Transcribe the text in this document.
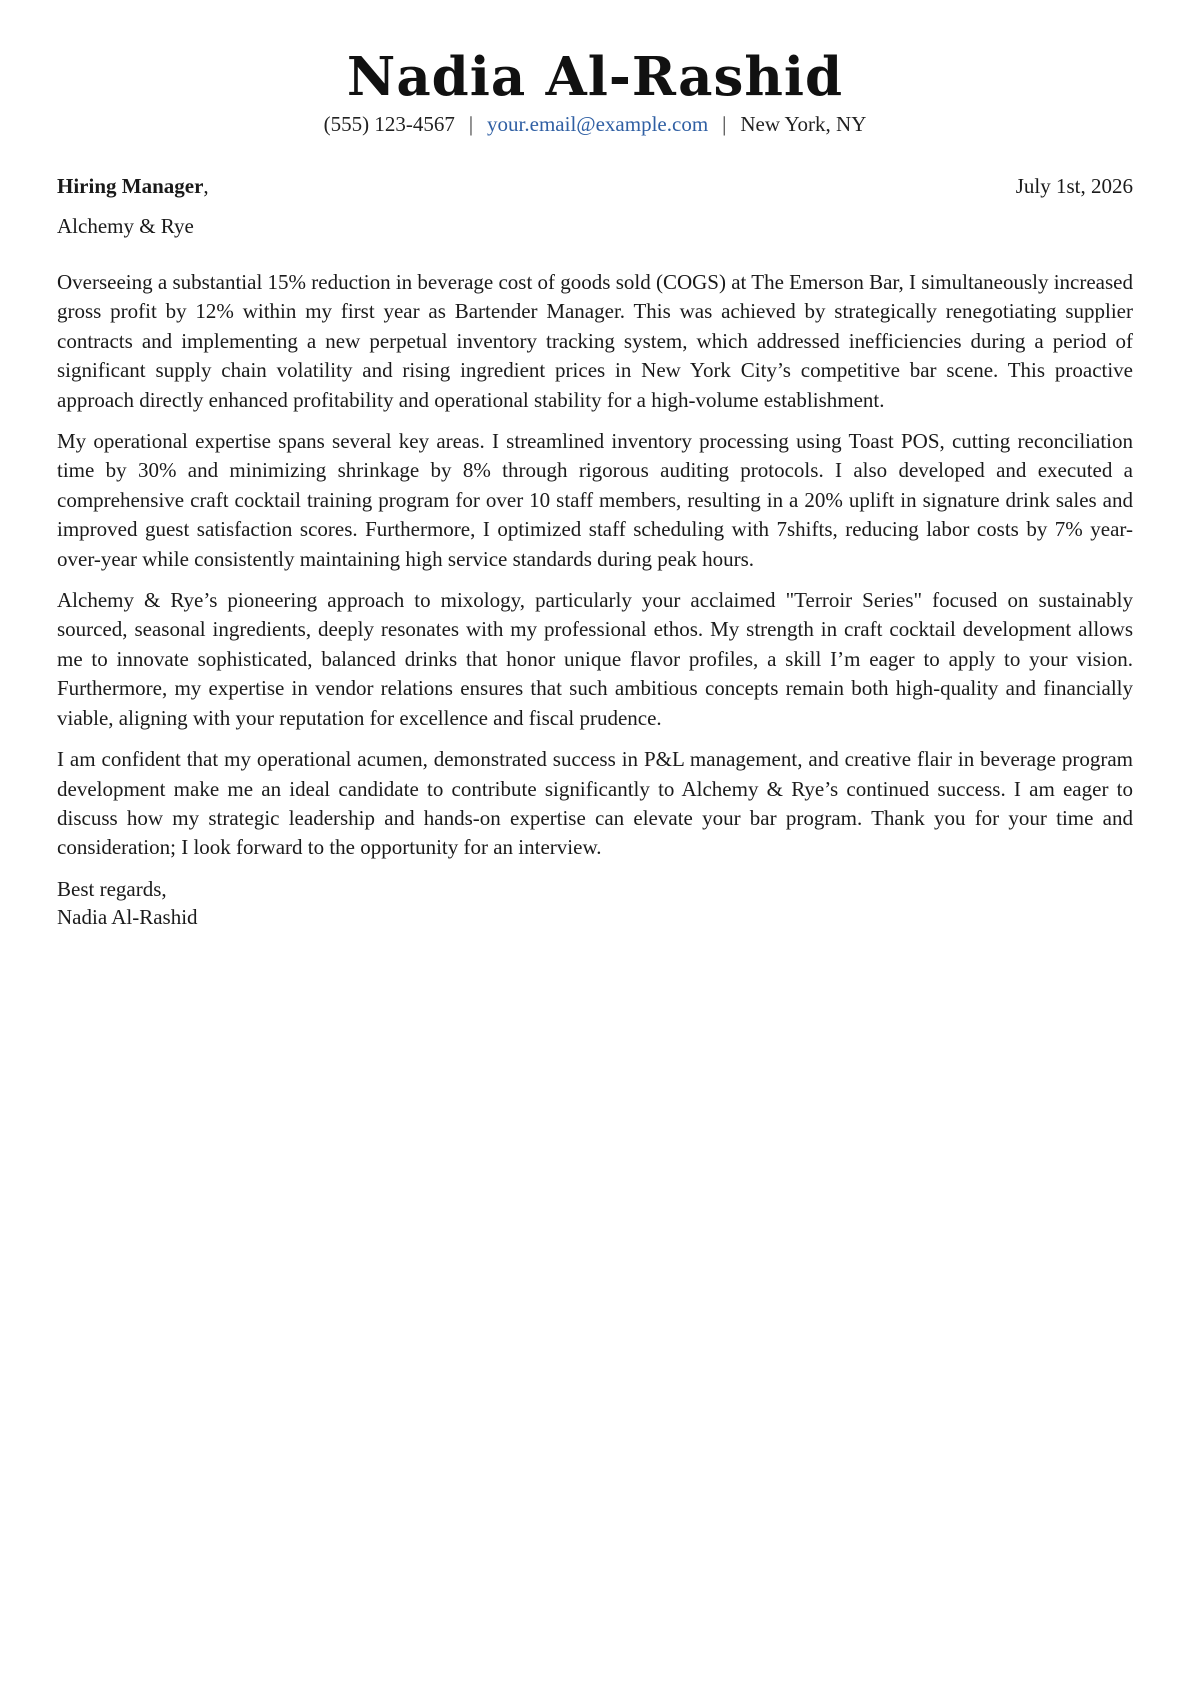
Nadia Al-Rashid
(555) 123-4567 | your.email@example.com | New York, NY
Hiring Manager,	July 1st, 2026
Alchemy & Rye

Overseeing a substantial 15% reduction in beverage cost of goods sold (COGS) at The Emerson Bar, I simultaneously increased gross profit by 12% within my first year as Bartender Manager. This was achieved by strategically renegotiating supplier contracts and implementing a new perpetual inventory tracking system, which addressed inefficiencies during a period of significant supply chain volatility and rising ingredient prices in New York City’s competitive bar scene. This proactive approach directly enhanced profitability and operational stability for a high-volume establishment.

My operational expertise spans several key areas. I streamlined inventory processing using Toast POS, cutting reconciliation time by 30% and minimizing shrinkage by 8% through rigorous auditing protocols. I also developed and executed a comprehensive craft cocktail training program for over 10 staff members, resulting in a 20% uplift in signature drink sales and improved guest satisfaction scores. Furthermore, I optimized staff scheduling with 7shifts, reducing labor costs by 7% year-over-year while consistently maintaining high service standards during peak hours.

Alchemy & Rye’s pioneering approach to mixology, particularly your acclaimed "Terroir Series" focused on sustainably sourced, seasonal ingredients, deeply resonates with my professional ethos. My strength in craft cocktail development allows me to innovate sophisticated, balanced drinks that honor unique flavor profiles, a skill I’m eager to apply to your vision. Furthermore, my expertise in vendor relations ensures that such ambitious concepts remain both high-quality and financially viable, aligning with your reputation for excellence and fiscal prudence.

I am confident that my operational acumen, demonstrated success in P&L management, and creative flair in beverage program development make me an ideal candidate to contribute significantly to Alchemy & Rye’s continued success. I am eager to discuss how my strategic leadership and hands-on expertise can elevate your bar program. Thank you for your time and consideration; I look forward to the opportunity for an interview.

Best regards,
Nadia Al-Rashid
